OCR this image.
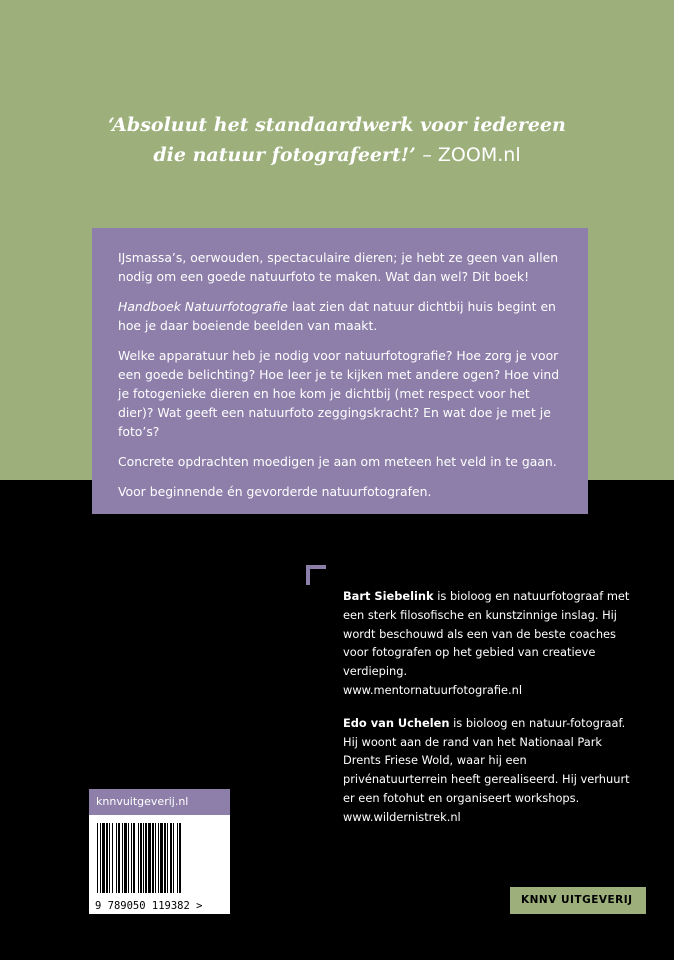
‘Absoluut het standaardwerk voor iedereen
die natuur fotografeert!’ – ZOOM.nl

IJsmassa’s, oerwouden, spectaculaire dieren; je hebt ze geen van allen nodig om een goede natuurfoto te maken. Wat dan wel? Dit boek!

Handboek Natuurfotografie laat zien dat natuur dichtbij huis begint en hoe je daar boeiende beelden van maakt.

Welke apparatuur heb je nodig voor natuurfotografie? Hoe zorg je voor een goede belichting? Hoe leer je te kijken met andere ogen? Hoe vind je fotogenieke dieren en hoe kom je dichtbij (met respect voor het dier)? Wat geeft een natuurfoto zeggingskracht? En wat doe je met je foto’s?

Concrete opdrachten moedigen je aan om meteen het veld in te gaan.

Voor beginnende én gevorderde natuurfotografen.

Bart Siebelink is bioloog en natuurfotograaf met een sterk filosofische en kunstzinnige inslag. Hij wordt beschouwd als een van de beste coaches voor fotografen op het gebied van creatieve verdieping.
www.mentornatuurfotografie.nl

Edo van Uchelen is bioloog en natuur-fotograaf. Hij woont aan de rand van het Nationaal Park Drents Friese Wold, waar hij een privénatuurterrein heeft gerealiseerd. Hij verhuurt er een fotohut en organiseert workshops.
www.wildernistrek.nl

knnvuitgeverij.nl
9 789050 119382 >	KNNV UITGEVERIJ
